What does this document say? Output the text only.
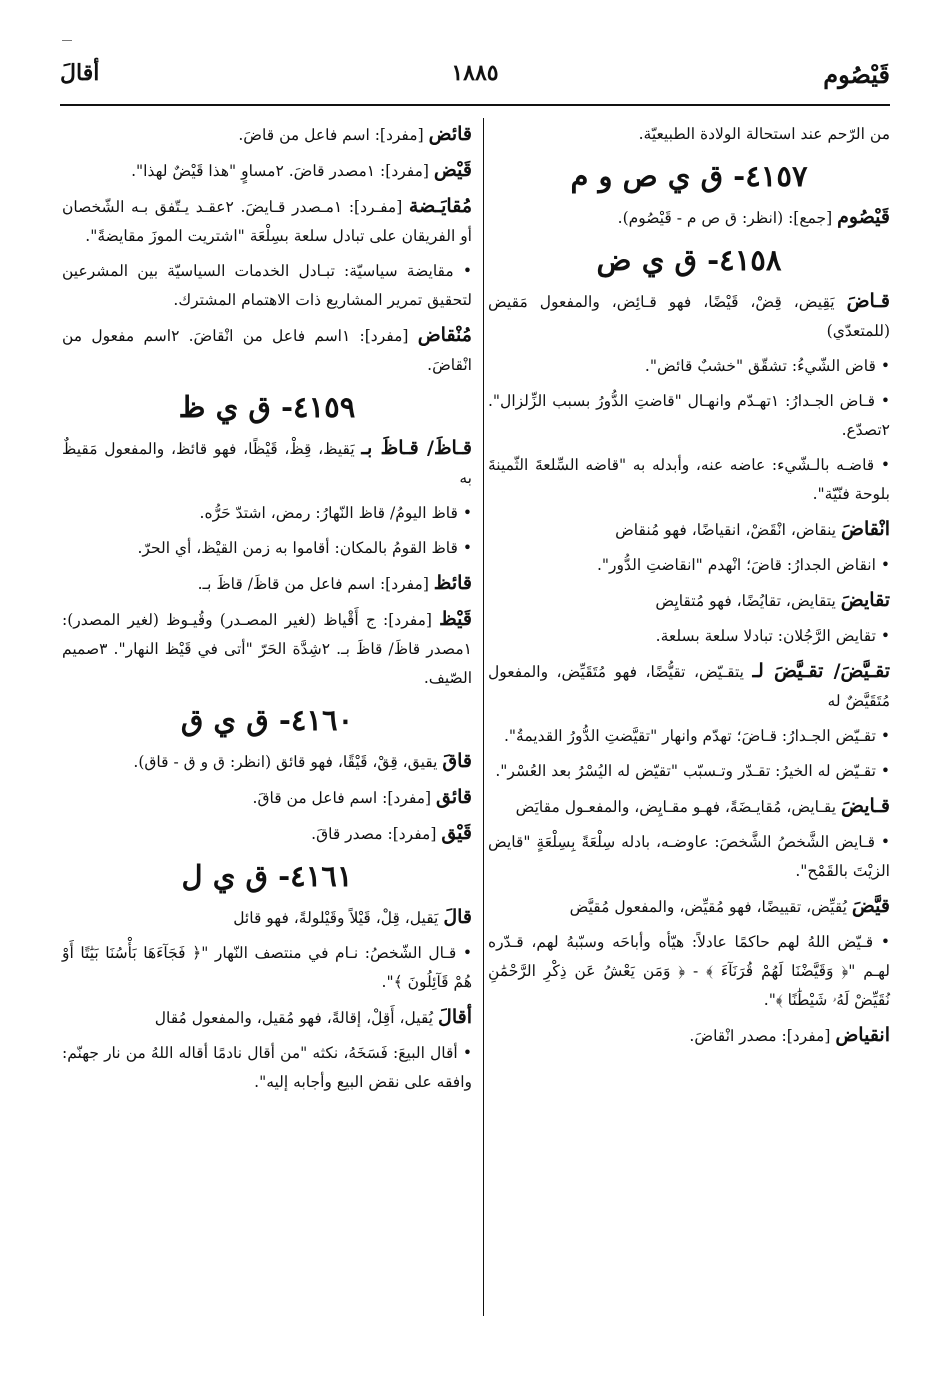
قَيْصُوم
١٨٨٥
أقالَ

من الرّحم عند استحالة الولادة الطبيعيّة.

٤١٥٧- ق ي ص و م

قَيْصُوم [جمع]: (انظر: ق ص م - قَيْصُوم).

٤١٥٨- ق ي ض

قـاضَ يَقِيض، قِضْ، قَيْضًا، فهو قـائِض، والمفعول مَقيض (للمتعدّي)

• قاض الشّيءُ: تشقّق "خشبٌ قائض".

• قـاض الجـدارُ: ١تهـدّم وانهـال "قاضتِ الدُّورُ بسبب الزِّلزال". ٢تصدّع.

• قاضـه بالـشّيء: عاضه عنه، وأبدله به "قاضه السِّلعةَ الثّمينةَ بلوحة فنّيّة".

انْقاضَ ينقاض، انْقَضْ، انقياضًا، فهو مُنقاض

• انقاض الجدارُ: قاضَ؛ انْهدم "انقاضتِ الدُّور".

تقايضَ يتقايض، تقايُضًا، فهو مُتقايِض

• تقايض الرَّجُلان: تبادلا سلعة بسلعة.

تقـيَّضَ/ تقـيَّضَ لـ يتقـيّض، تقيُّضًا، فهو مُتَقَيِّض، والمفعول مُتَقَيَّضٌ له

• تقـيّض الجـدارُ: قـاضَ؛ تهدّم وانهار "تقيَّضتِ الدُّورُ القديمةُ".

• تقـيّض له الخيرُ: تقـدّر وتـسبّب "تقيّض له اليُسْرُ بعد العُسْر".

قـايضَ يقـايض، مُقايـضَةً، فهـو مقـايِض، والمفعـول مقايَض

• قـايض الشَّخصُ الشَّخصَ: عاوضـه، بادله سِلْعَةً بِسِلْعَةٍ "قايض الزيْتَ بالقَمْح".

قيَّضَ يُقيِّض، تقييضًا، فهو مُقيِّض، والمفعول مُقيَّض

• قـيّض اللهُ لهم حاكمًا عادلاً: هيّأه وأباحَه وسبّبهُ لهم، قـدّره لهـم "﴿ وَقَيَّضْنَا لَهُمْ قُرَنَآءَ ﴾ - ﴿ وَمَن يَعْشُ عَن ذِكْرِ الرَّحْمَٰنِ نُقَيِّضْ لَهُۥ شَيْطَٰنًا ﴾".

انقياض [مفرد]: مصدر انْقاضَ.

قائض [مفرد]: اسم فاعل من قاضَ.

قَيْض [مفرد]: ١مصدر قاضَ. ٢مساوٍ "هذا قَيْضٌ لهذا".

مُقايَـضة [مفـرد]: ١مـصدر قـايضَ. ٢عقـد يـتّفق بـه الشّخصان أو الفريقان على تبادل سلعة بسِلْعَة "اشتريت الموزَ مقايضةً".

• مقايضة سياسيّة: تبـادل الخدمات السياسيّة بين المشرعين لتحقيق تمرير المشاريع ذات الاهتمام المشترك.

مُنْقاض [مفرد]: ١اسم فاعل من انْقاضَ. ٢اسم مفعول من انْقاضَ.

٤١٥٩- ق ي ظ

قـاظَ/ قـاظَ بـ يَقيظ، قِظْ، قَيْظًا، فهو قائظ، والمفعول مَقيظٌ به

• قاظ اليومُ/ قاظ النّهارُ: رمض، اشتدّ حَرُّه.

• قاظ القومُ بالمكان: أقاموا به زمن القيْظ، أي الحرّ.

قائظ [مفرد]: اسم فاعل من قاظَ/ قاظَ بـ.

قَيْظ [مفرد]: ج أَقْياظ (لغير المصـدر) وقُيـوظ (لغير المصدر): ١مصدر قاظَ/ قاظَ بـ. ٢شِدَّة الحَرّ "أتى في قَيْظ النهار". ٣صميم الصّيف.

٤١٦٠- ق ي ق

قاقَ يقيق، قِقْ، قَيْقًا، فهو قائق (انظر: ق و ق - قاق).

قائق [مفرد]: اسم فاعل من قاقَ.

قَيْق [مفرد]: مصدر قاقَ.

٤١٦١- ق ي ل

قالَ يَقيل، قِلْ، قَيْلاً وقَيْلولةً، فهو قائل

• قـال الشّخصُ: نـام في منتصف النّهار "﴿ فَجَآءَهَا بَأْسُنَا بَيَٰتًا أَوْ هُمْ قَآئِلُونَ ﴾".

أقالَ يُقيل، أَقِلْ، إقالةً، فهو مُقيل، والمفعول مُقال

• أقال البيعَ: فَسَخَهُ، نكثه "من أقال نادمًا أقاله اللهُ من نار جهنّم: وافقه على نقض البيع وأجابه إليه".
